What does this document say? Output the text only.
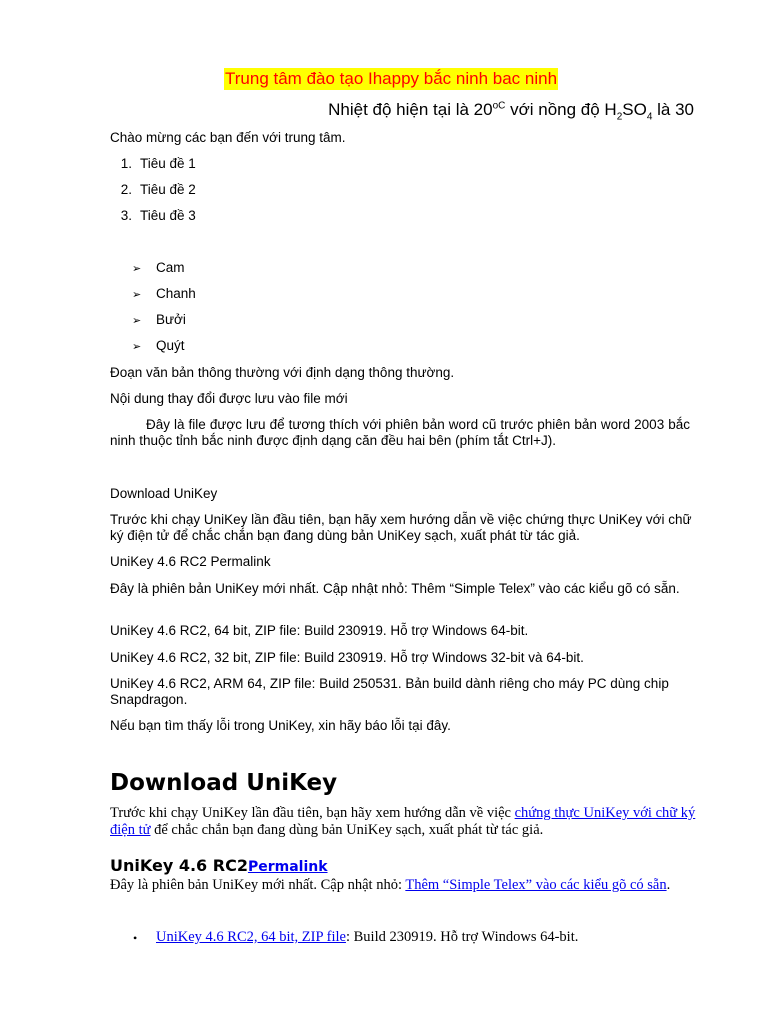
Trung tâm đào tạo Ihappy bắc ninh bac ninh
Nhiệt độ hiện tại là $20^{oC}$ với nồng độ $H_2SO_4$ là 30
Chào mừng các bạn đến với trung tâm.
1. Tiêu đề 1
2. Tiêu đề 2
3. Tiêu đề 3
➢ Cam
➢ Chanh
➢ Bưởi
➢ Quýt
Đoạn văn bản thông thường với định dạng thông thường.
Nội dung thay đổi được lưu vào file mới
Đây là file được lưu để tương thích với phiên bản word cũ trước phiên bản word 2003 bắc ninh thuộc tỉnh bắc ninh được định dạng căn đều hai bên (phím tắt Ctrl+J).
Download UniKey
Trước khi chạy UniKey lần đầu tiên, bạn hãy xem hướng dẫn về việc chứng thực UniKey với chữ ký điện tử để chắc chắn bạn đang dùng bản UniKey sạch, xuất phát từ tác giả.
UniKey 4.6 RC2 Permalink
Đây là phiên bản UniKey mới nhất. Cập nhật nhỏ: Thêm “Simple Telex” vào các kiểu gõ có sẵn.
UniKey 4.6 RC2, 64 bit, ZIP file: Build 230919. Hỗ trợ Windows 64-bit.
UniKey 4.6 RC2, 32 bit, ZIP file: Build 230919. Hỗ trợ Windows 32-bit và 64-bit.
UniKey 4.6 RC2, ARM 64, ZIP file: Build 250531. Bản build dành riêng cho máy PC dùng chip Snapdragon.
Nếu bạn tìm thấy lỗi trong UniKey, xin hãy báo lỗi tại đây.
Download UniKey
Trước khi chạy UniKey lần đầu tiên, bạn hãy xem hướng dẫn về việc chứng thực UniKey với chữ ký điện tử để chắc chắn bạn đang dùng bản UniKey sạch, xuất phát từ tác giả.
UniKey 4.6 RC2Permalink
Đây là phiên bản UniKey mới nhất. Cập nhật nhỏ: Thêm “Simple Telex” vào các kiểu gõ có sẵn.
• UniKey 4.6 RC2, 64 bit, ZIP file: Build 230919. Hỗ trợ Windows 64-bit.
